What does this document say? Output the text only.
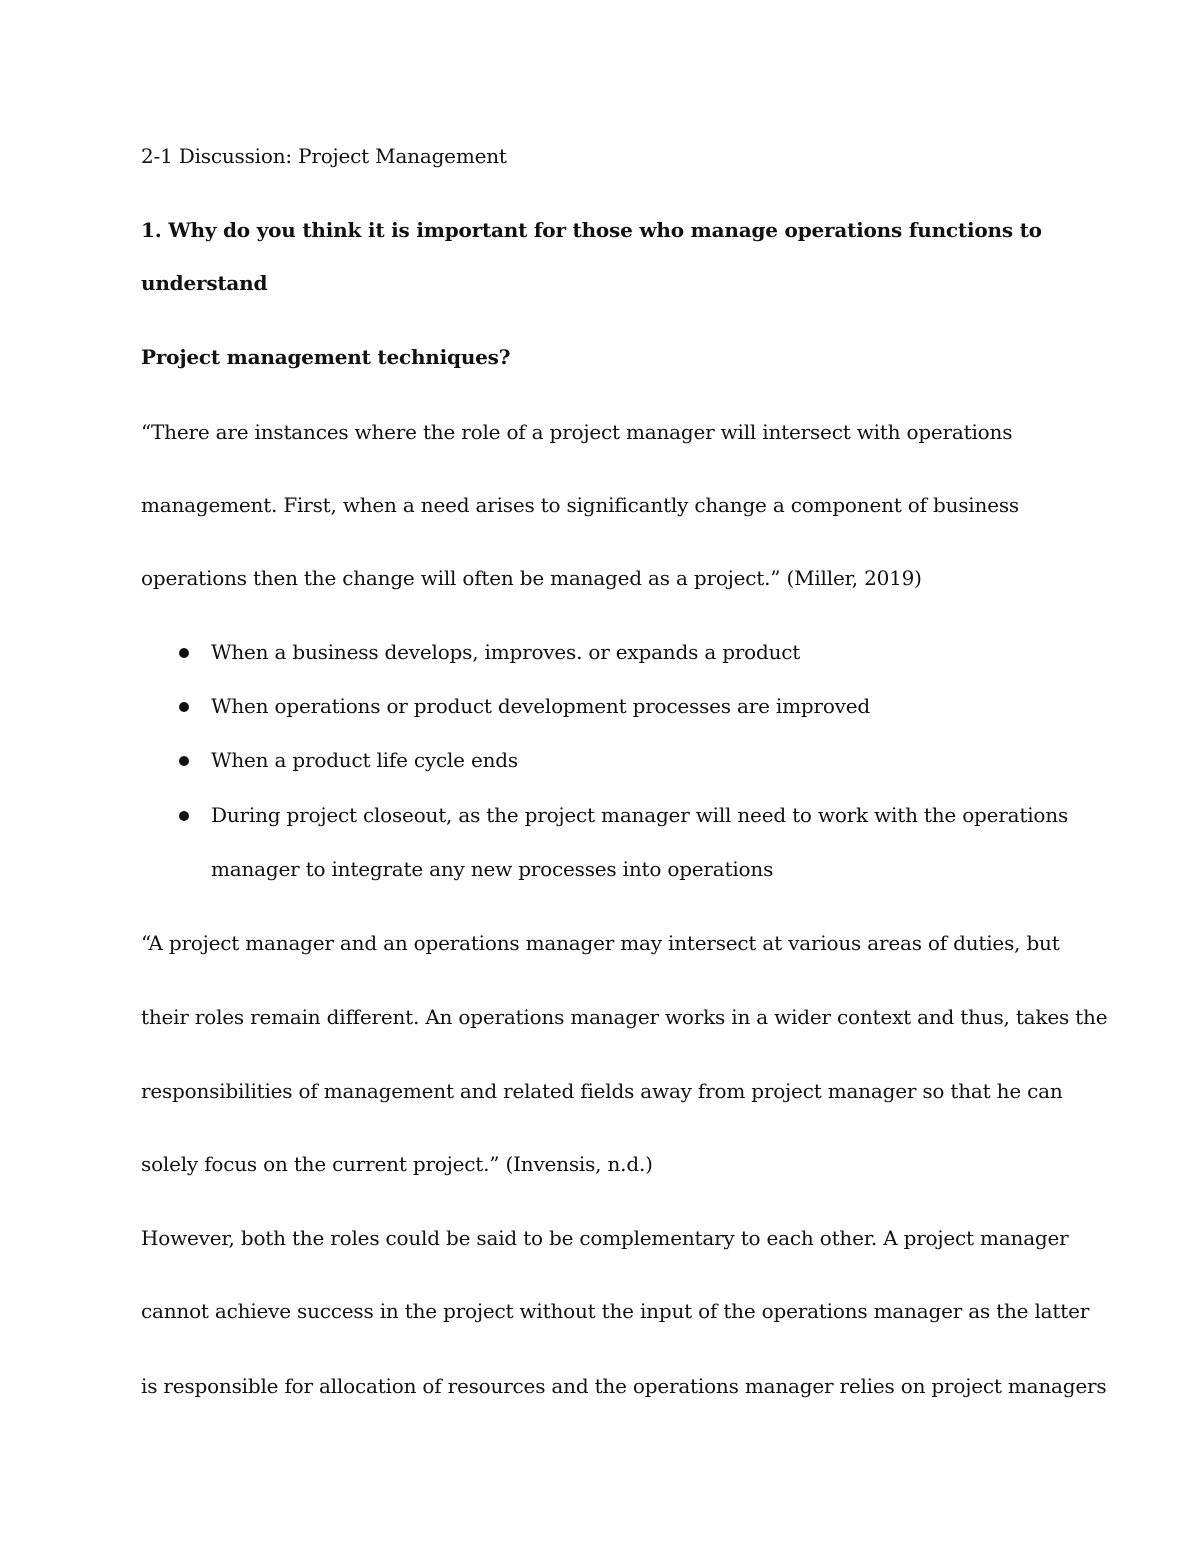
2-1 Discussion: Project Management
1. Why do you think it is important for those who manage operations functions to
understand
Project management techniques?
“There are instances where the role of a project manager will intersect with operations
management. First, when a need arises to significantly change a component of business
operations then the change will often be managed as a project.” (Miller, 2019)
When a business develops, improves. or expands a product
When operations or product development processes are improved
When a product life cycle ends
During project closeout, as the project manager will need to work with the operations
manager to integrate any new processes into operations
“A project manager and an operations manager may intersect at various areas of duties, but
their roles remain different. An operations manager works in a wider context and thus, takes the
responsibilities of management and related fields away from project manager so that he can
solely focus on the current project.” (Invensis, n.d.)
However, both the roles could be said to be complementary to each other. A project manager
cannot achieve success in the project without the input of the operations manager as the latter
is responsible for allocation of resources and the operations manager relies on project managers
